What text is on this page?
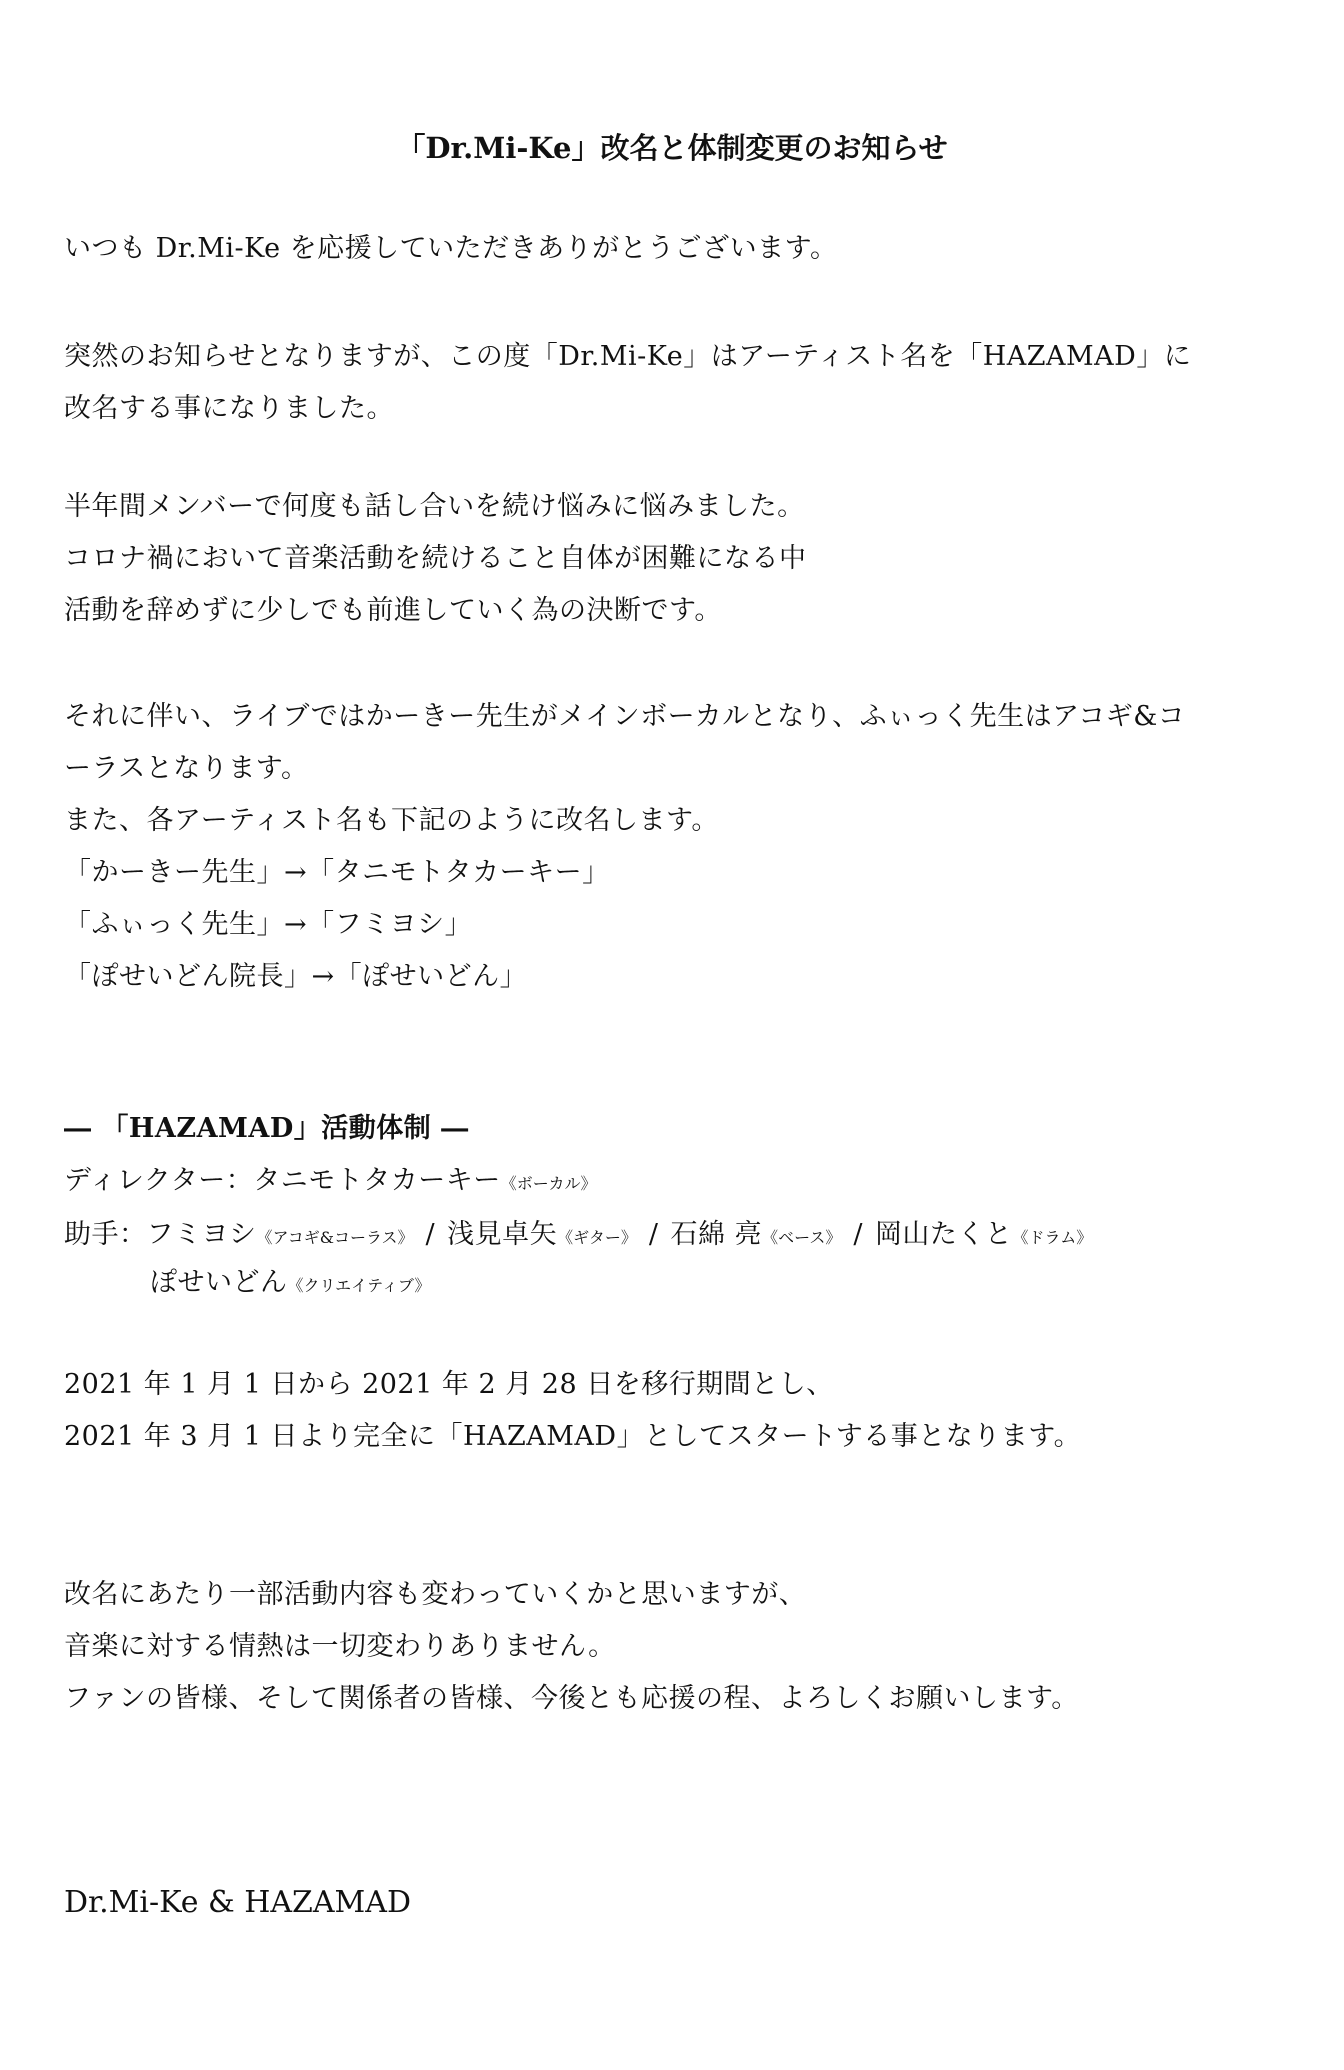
「Dr.Mi-Ke」改名と体制変更のお知らせ
いつも Dr.Mi-Ke を応援していただきありがとうございます。
突然のお知らせとなりますが、この度「Dr.Mi-Ke」はアーティスト名を「HAZAMAD」に
改名する事になりました。
半年間メンバーで何度も話し合いを続け悩みに悩みました。
コロナ禍において音楽活動を続けること自体が困難になる中
活動を辞めずに少しでも前進していく為の決断です。
それに伴い、ライブではかーきー先生がメインボーカルとなり、ふぃっく先生はアコギ&コ
ーラスとなります。
また、各アーティスト名も下記のように改名します。
「かーきー先生」→「タニモトタカーキー」
「ふぃっく先生」→「フミヨシ」
「ぽせいどん院長」→「ぽせいどん」
― 「HAZAMAD」活動体制 ―
ディレクター：タニモトタカーキー《ボーカル》
助手：フミヨシ《アコギ&コーラス》 / 浅見卓矢《ギター》 / 石綿 亮《ベース》 / 岡山たくと《ドラム》
ぽせいどん《クリエイティブ》
2021 年 1 月 1 日から 2021 年 2 月 28 日を移行期間とし、
2021 年 3 月 1 日より完全に「HAZAMAD」としてスタートする事となります。
改名にあたり一部活動内容も変わっていくかと思いますが、
音楽に対する情熱は一切変わりありません。
ファンの皆様、そして関係者の皆様、今後とも応援の程、よろしくお願いします。
Dr.Mi-Ke & HAZAMAD
